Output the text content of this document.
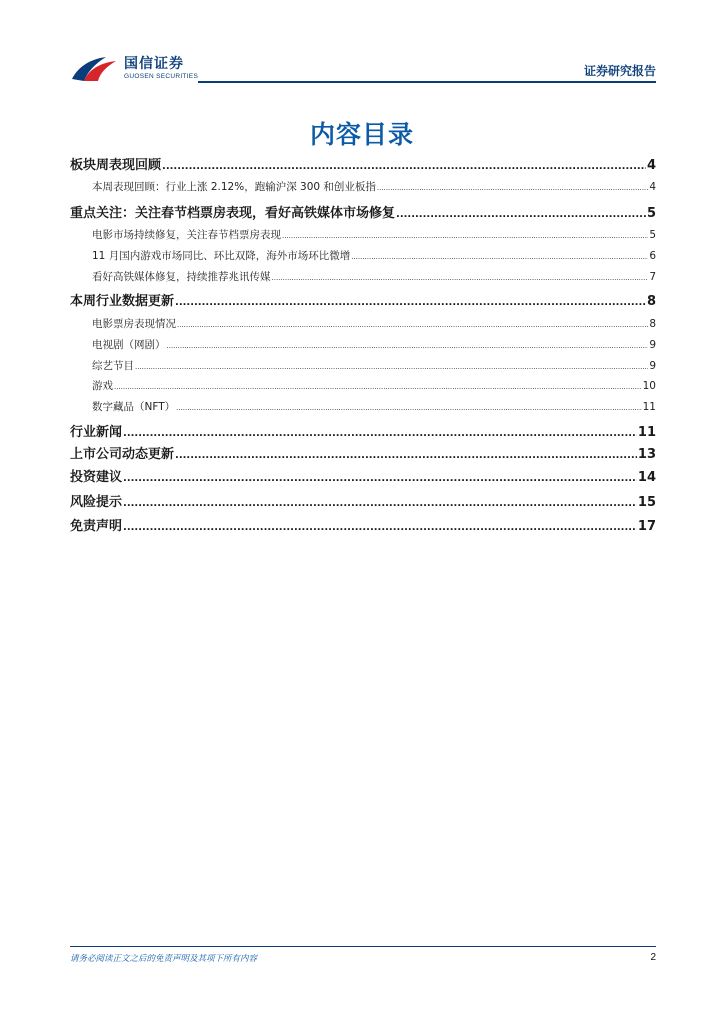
国信证券
GUOSEN SECURITIES	证券研究报告
内容目录
板块周表现回顾 .....	4
本周表现回顾：行业上涨 2.12%，跑输沪深 300 和创业板指 .....	4
重点关注：关注春节档票房表现，看好高铁媒体市场修复 .....	5
电影市场持续修复，关注春节档票房表现 .....	5
11 月国内游戏市场同比、环比双降，海外市场环比微增 .....	6
看好高铁媒体修复，持续推荐兆讯传媒 .....	7
本周行业数据更新 .....	8
电影票房表现情况 .....	8
电视剧（网剧） .....	9
综艺节目 .....	9
游戏 .....	10
数字藏品（NFT） .....	11
行业新闻 .....	11
上市公司动态更新 .....	13
投资建议 .....	14
风险提示 .....	15
免责声明 .....	17
请务必阅读正文之后的免责声明及其项下所有内容	2
